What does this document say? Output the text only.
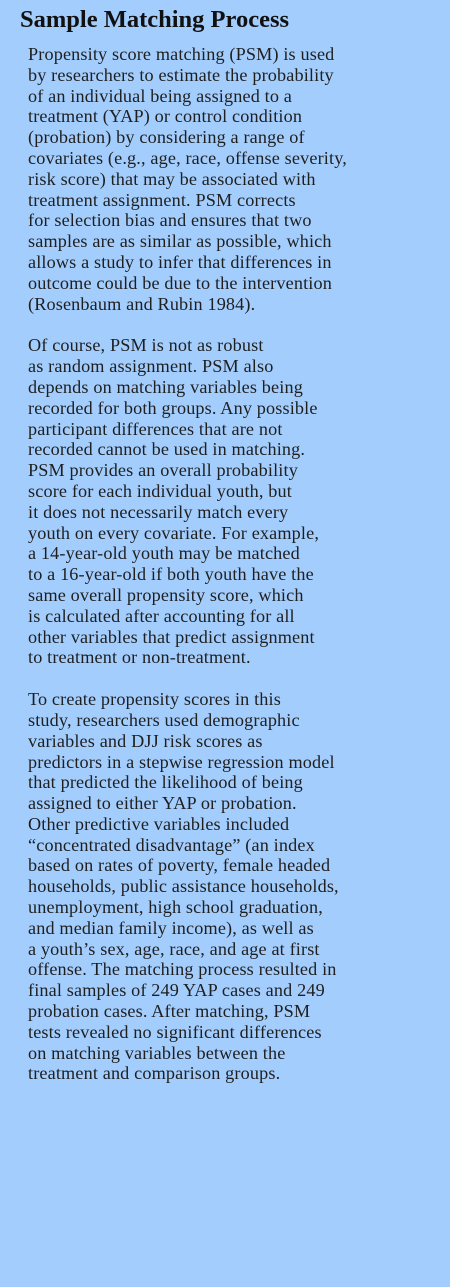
Sample Matching Process

Propensity score matching (PSM) is used
by researchers to estimate the probability
of an individual being assigned to a
treatment (YAP) or control condition
(probation) by considering a range of
covariates (e.g., age, race, offense severity,
risk score) that may be associated with
treatment assignment. PSM corrects
for selection bias and ensures that two
samples are as similar as possible, which
allows a study to infer that differences in
outcome could be due to the intervention
(Rosenbaum and Rubin 1984).

Of course, PSM is not as robust
as random assignment. PSM also
depends on matching variables being
recorded for both groups. Any possible
participant differences that are not
recorded cannot be used in matching.
PSM provides an overall probability
score for each individual youth, but
it does not necessarily match every
youth on every covariate. For example,
a 14-year-old youth may be matched
to a 16-year-old if both youth have the
same overall propensity score, which
is calculated after accounting for all
other variables that predict assignment
to treatment or non-treatment.

To create propensity scores in this
study, researchers used demographic
variables and DJJ risk scores as
predictors in a stepwise regression model
that predicted the likelihood of being
assigned to either YAP or probation.
Other predictive variables included
“concentrated disadvantage” (an index
based on rates of poverty, female headed
households, public assistance households,
unemployment, high school graduation,
and median family income), as well as
a youth’s sex, age, race, and age at first
offense. The matching process resulted in
final samples of 249 YAP cases and 249
probation cases. After matching, PSM
tests revealed no significant differences
on matching variables between the
treatment and comparison groups.
